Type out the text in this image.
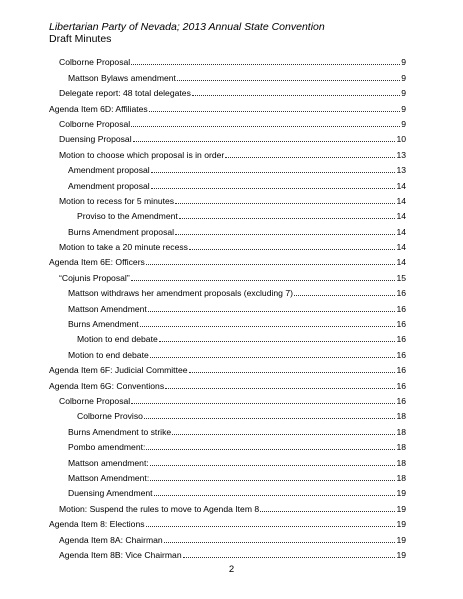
Libertarian Party of Nevada; 2013 Annual State Convention
Draft Minutes
Colborne Proposal	9
Mattson Bylaws amendment	9
Delegate report: 48 total delegates	9
Agenda Item 6D: Affiliates	9
Colborne Proposal	9
Duensing Proposal	10
Motion to choose which proposal is in order	13
Amendment proposal	13
Amendment proposal	14
Motion to recess for 5 minutes	14
Proviso to the Amendment	14
Burns Amendment proposal	14
Motion to take a 20 minute recess	14
Agenda Item 6E: Officers	14
“Cojunis Proposal”	15
Mattson withdraws her amendment proposals (excluding 7)	16
Mattson Amendment	16
Burns Amendment	16
Motion to end debate	16
Motion to end debate	16
Agenda Item 6F: Judicial Committee	16
Agenda Item 6G: Conventions	16
Colborne Proposal	16
Colborne Proviso	18
Burns Amendment to strike	18
Pombo amendment:	18
Mattson amendment:	18
Mattson Amendment:	18
Duensing Amendment	19
Motion: Suspend the rules to move to Agenda Item 8	19
Agenda Item 8: Elections	19
Agenda Item 8A: Chairman	19
Agenda Item 8B: Vice Chairman	19
2
